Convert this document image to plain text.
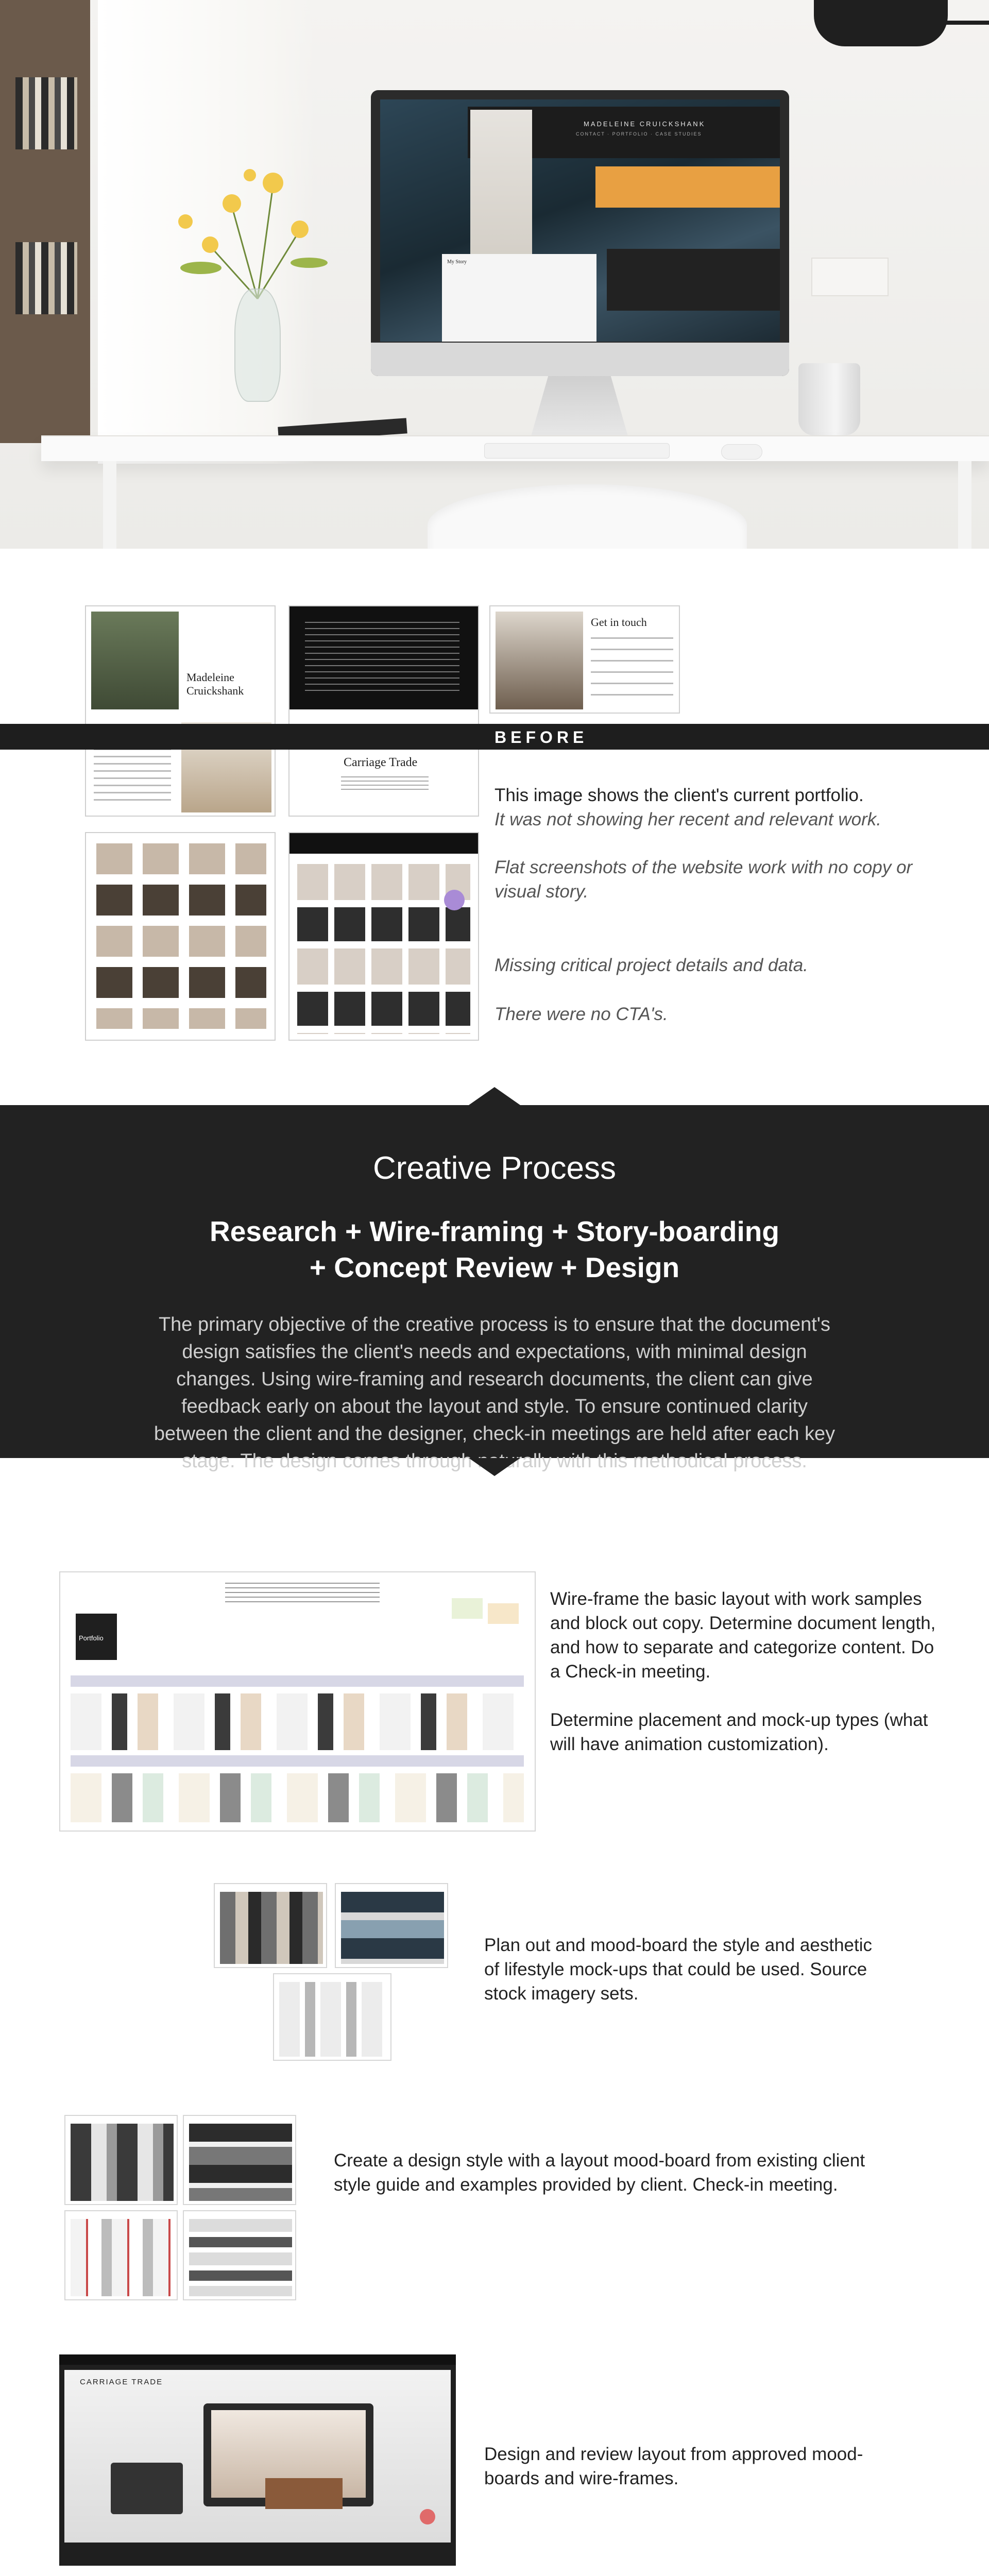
MADELEINE CRUICKSHANK
CONTACT · PORTFOLIO · CASE STUDIES
My Story
Madeleine Cruickshank
Carriage Trade
Get in touch
BEFORE
This image shows the client's current portfolio.
It was not showing her recent and relevant work.
Flat screenshots of the website work with no copy or visual story.
Missing critical project details and data.
There were no CTA's.
Creative Process
Research + Wire-framing + Story-boarding
+ Concept Review + Design
The primary objective of the creative process is to ensure that the document's design satisfies the client's needs and expectations, with minimal design changes. Using wire-framing and research documents, the client can give feedback early on about the layout and style. To ensure continued clarity between the client and the designer, check-in meetings are held after each key stage. The design comes through naturally with this methodical process.
Portfolio
Wire-frame the basic layout with work samples and block out copy. Determine document length, and how to separate and categorize content. Do a Check-in meeting.
Determine placement and mock-up types (what will have animation customization).
Plan out and mood-board the style and aesthetic of lifestyle mock-ups that could be used. Source stock imagery sets.
Create a design style with a layout mood-board from existing client style guide and examples provided by client. Check-in meeting.
CARRIAGE TRADE
Design and review layout from approved mood-boards and wire-frames.
